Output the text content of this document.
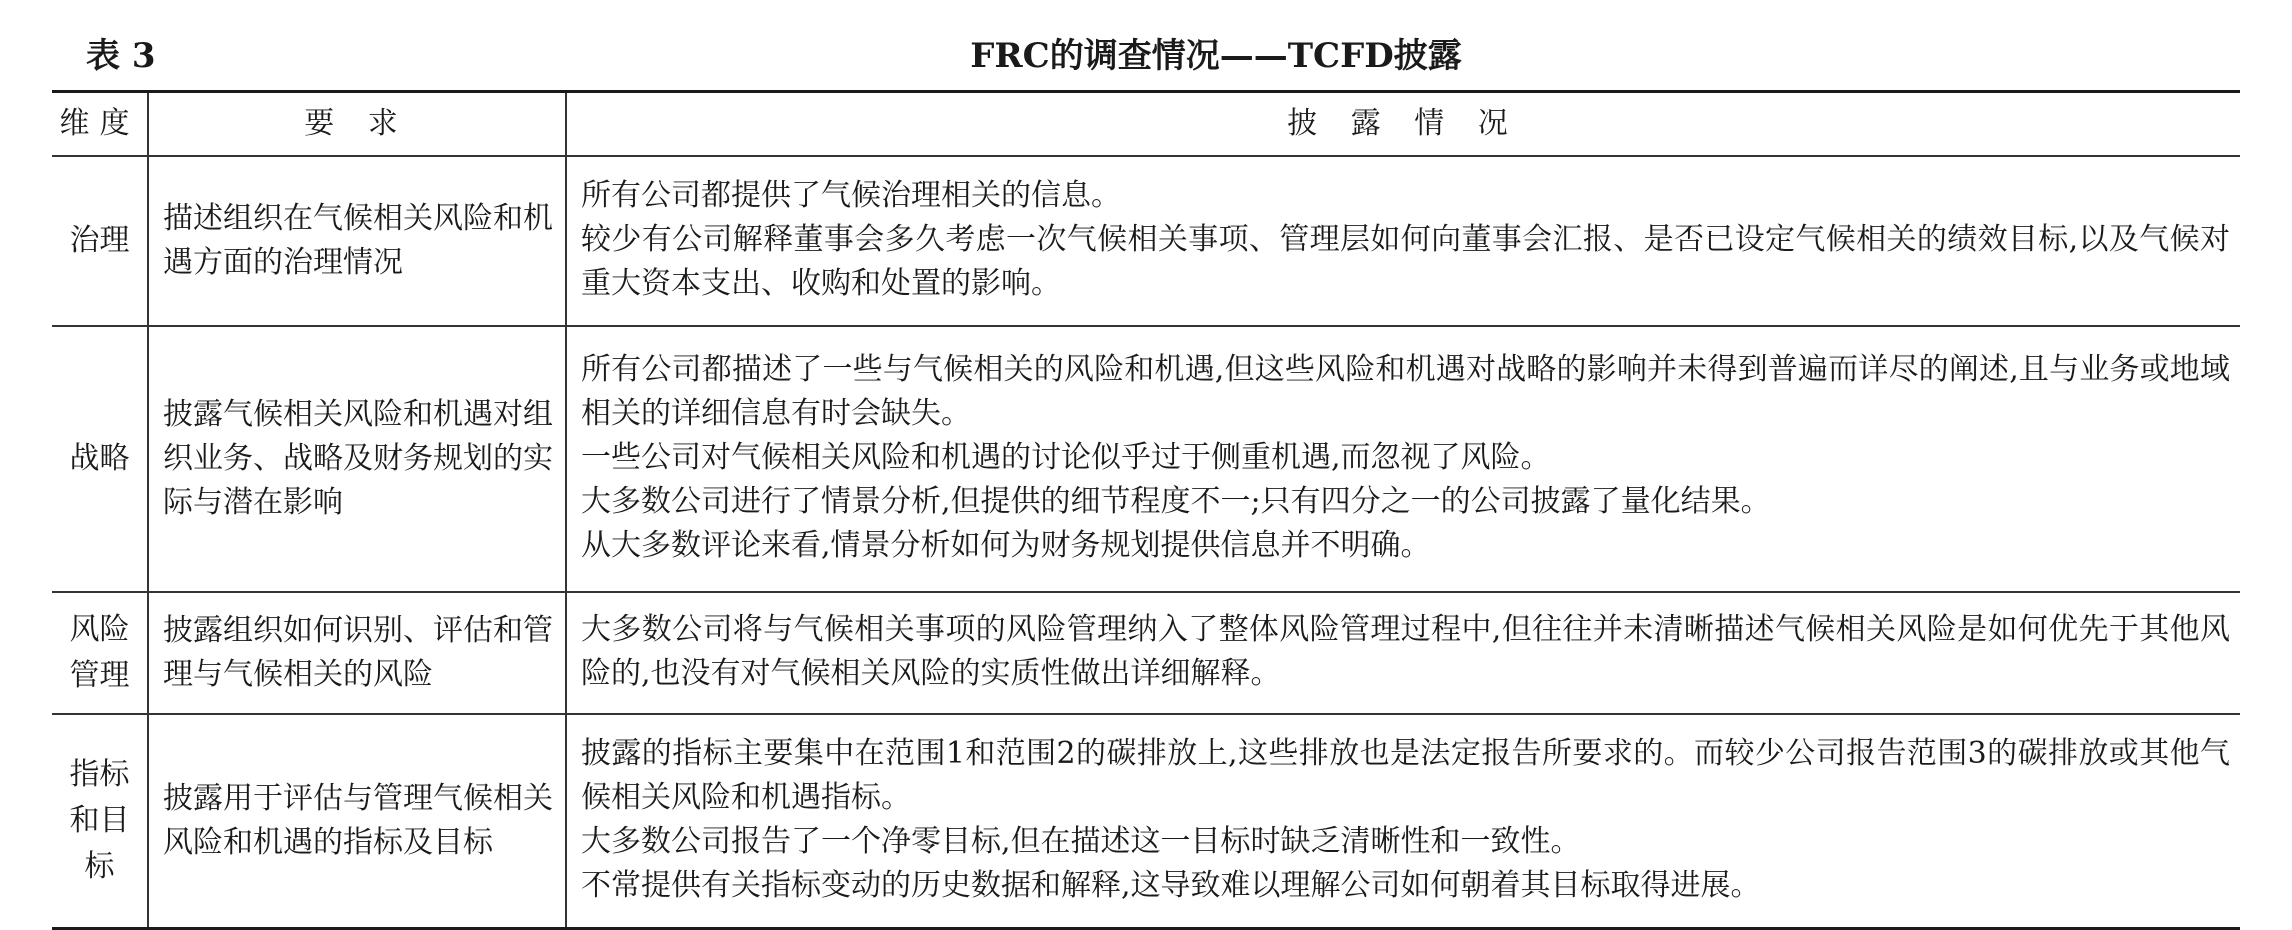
表 3	FRC的调查情况——TCFD披露
维度	要 求	披 露 情 况
治理	描述组织在气候相关风险和机遇方面的治理情况	所有公司都提供了气候治理相关的信息。
较少有公司解释董事会多久考虑一次气候相关事项、管理层如何向董事会汇报、是否已设定气候相关的绩效目标,以及气候对重大资本支出、收购和处置的影响。

战略	披露气候相关风险和机遇对组织业务、战略及财务规划的实际与潜在影响	所有公司都描述了一些与气候相关的风险和机遇,但这些风险和机遇对战略的影响并未得到普遍而详尽的阐述,且与业务或地域相关的详细信息有时会缺失。
一些公司对气候相关风险和机遇的讨论似乎过于侧重机遇,而忽视了风险。
大多数公司进行了情景分析,但提供的细节程度不一;只有四分之一的公司披露了量化结果。
从大多数评论来看,情景分析如何为财务规划提供信息并不明确。

风险管理	披露组织如何识别、评估和管理与气候相关的风险	大多数公司将与气候相关事项的风险管理纳入了整体风险管理过程中,但往往并未清晰描述气候相关风险是如何优先于其他风险的,也没有对气候相关风险的实质性做出详细解释。

指标和目标	披露用于评估与管理气候相关风险和机遇的指标及目标	披露的指标主要集中在范围1和范围2的碳排放上,这些排放也是法定报告所要求的。而较少公司报告范围3的碳排放或其他气候相关风险和机遇指标。
大多数公司报告了一个净零目标,但在描述这一目标时缺乏清晰性和一致性。
不常提供有关指标变动的历史数据和解释,这导致难以理解公司如何朝着其目标取得进展。
